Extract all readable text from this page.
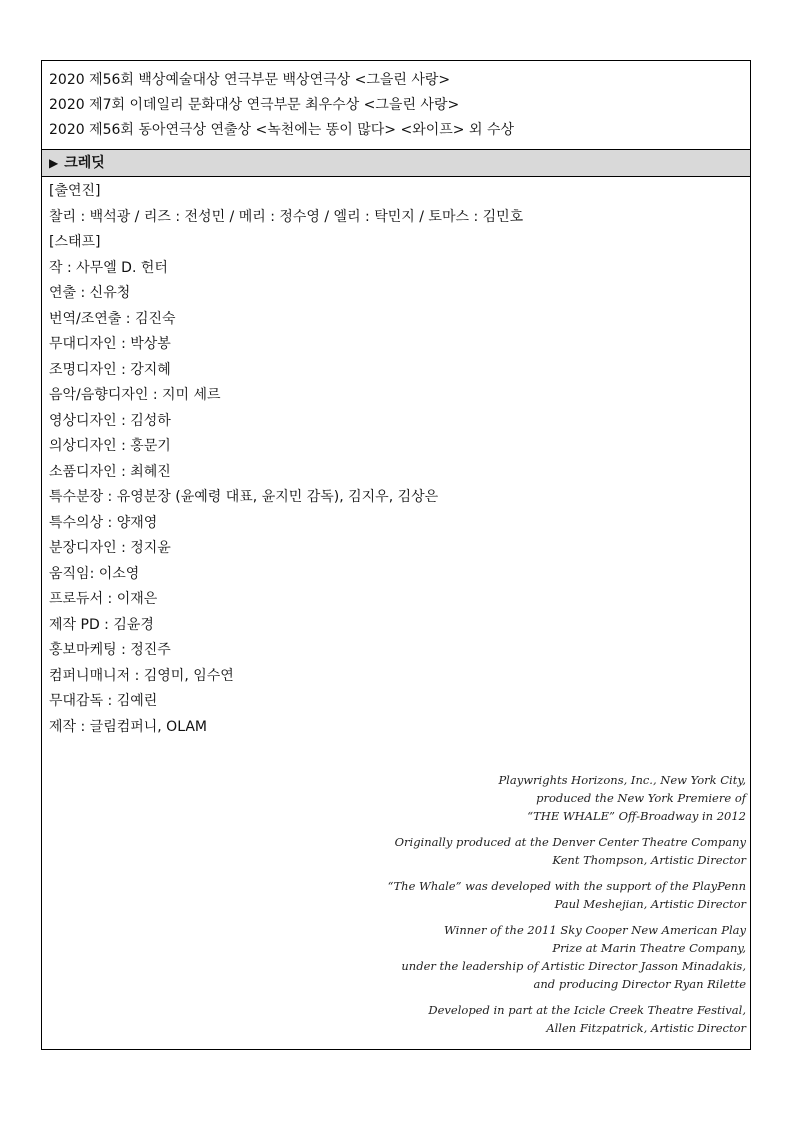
2020 제56회 백상예술대상 연극부문 백상연극상 <그을린 사랑>
2020 제7회 이데일리 문화대상 연극부문 최우수상 <그을린 사랑>
2020 제56회 동아연극상 연출상 <녹천에는 똥이 많다> <와이프> 외 수상
▶ 크레딧
[출연진]
찰리 : 백석광 / 리즈 : 전성민 / 메리 : 정수영 / 엘리 : 탁민지 / 토마스 : 김민호
[스태프]
작 : 사무엘 D. 헌터
연출 : 신유청
번역/조연출 : 김진숙
무대디자인 : 박상봉
조명디자인 : 강지혜
음악/음향디자인 : 지미 세르
영상디자인 : 김성하
의상디자인 : 홍문기
소품디자인 : 최혜진
특수분장 : 유영분장 (윤예령 대표, 윤지민 감독), 김지우, 김상은
특수의상 : 양재영
분장디자인 : 정지윤
움직임: 이소영
프로듀서 : 이재은
제작 PD : 김윤경
홍보마케팅 : 정진주
컴퍼니매니저 : 김영미, 임수연
무대감독 : 김예린
제작 : 글림컴퍼니, OLAM
Playwrights Horizons, Inc., New York City,
produced the New York Premiere of
“THE WHALE” Off-Broadway in 2012
Originally produced at the Denver Center Theatre Company
Kent Thompson, Artistic Director
“The Whale” was developed with the support of the PlayPenn
Paul Meshejian, Artistic Director
Winner of the 2011 Sky Cooper New American Play
Prize at Marin Theatre Company,
under the leadership of Artistic Director Jasson Minadakis,
and producing Director Ryan Rilette
Developed in part at the Icicle Creek Theatre Festival,
Allen Fitzpatrick, Artistic Director
